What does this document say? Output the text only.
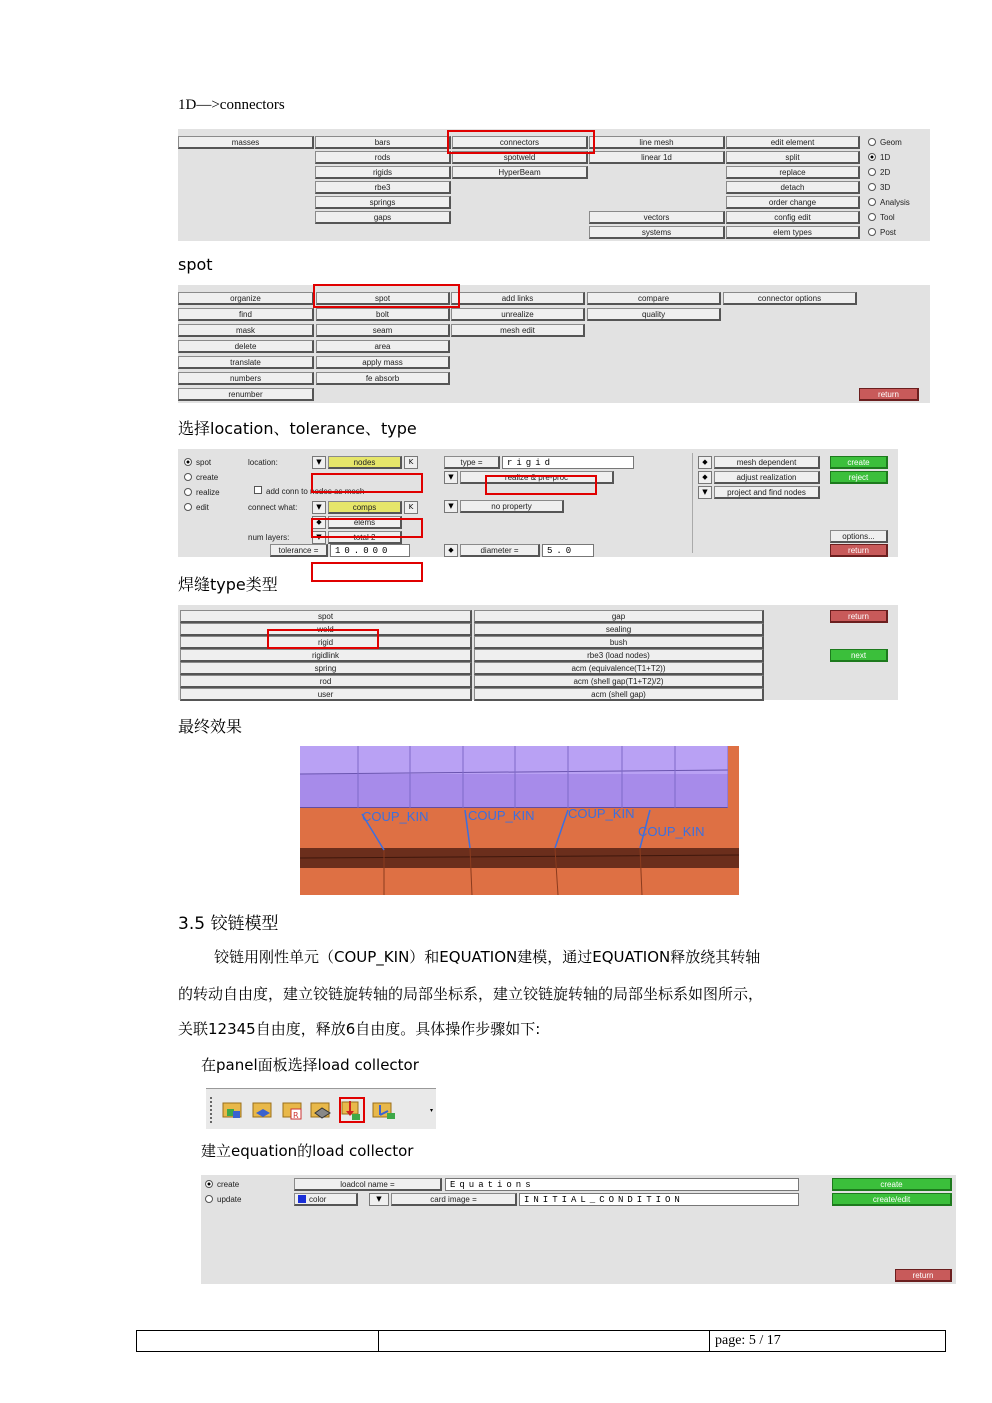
1D—>connectors
masses	bars
rods
rigids
rbe3
springs
gaps
connectors
spotweld
HyperBeam
line mesh
linear 1d
vectors
systems
edit element
split
replace
detach
order change
config edit
elem types
Geom
1D
2D
3D
Analysis
Tool
Post
spot
organize
find
mask
delete
translate
numbers
renumber
spot
bolt
seam
area
apply mass
fe absorb
add links
unrealize
mesh edit
compare
quality
connector options
return
选择location、tolerance、type
spot
create
realize
edit
location:	▼	nodes	K
add conn to nodes as mesh
connect what:	▼	comps	K
◆	elems
num layers:	▼	total 2
tolerance =	10.000
type =	rigid
▼	realize & pre-proc
▼	no property
◆	diameter =	5.0
◆	mesh dependent
◆	adjust realization
▼	project and find nodes
create
reject
options...
return
焊缝type类型
spot
weld
rigid
rigidlink
spring
rod
user
gap
sealing
bush
rbe3 (load nodes)
acm (equivalence(T1+T2))
acm (shell gap(T1+T2)/2)
acm (shell gap)
return
next
最终效果
COUP_KIN	COUP_KIN	COUP_KIN
COUP_KIN
3.5 铰链模型
铰链用刚性单元（COUP_KIN）和EQUATION建模，通过EQUATION释放绕其转轴
的转动自由度，建立铰链旋转轴的局部坐标系，建立铰链旋转轴的局部坐标系如图所示，
关联12345自由度，释放6自由度。具体操作步骤如下:
在panel面板选择load collector
R
▾
建立equation的load collector
create
update
loadcol name =	Equations
color	▼	card image =	INITIAL_CONDITION
create
create/edit
return
page: 5 / 17
